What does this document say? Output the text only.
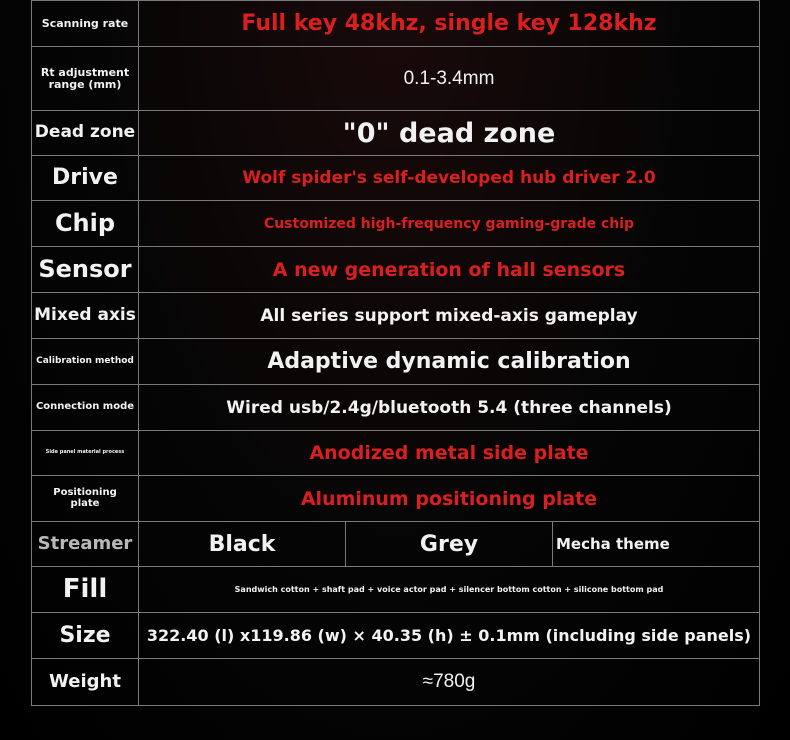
Scanning rate	Full key 48khz, single key 128khz		
Rt adjustment range (mm)	0.1-3.4mm		
Dead zone	"0" dead zone		
Drive	Wolf spider's self-developed hub driver 2.0		
Chip	Customized high-frequency gaming-grade chip		
Sensor	A new generation of hall sensors		
Mixed axis	All series support mixed-axis gameplay		
Calibration method	Adaptive dynamic calibration		
Connection mode	Wired usb/2.4g/bluetooth 5.4 (three channels)		
Side panel material process	Anodized metal side plate		
Positioning plate	Aluminum positioning plate		
Streamer	Black	Grey	Mecha theme
Fill	Sandwich cotton + shaft pad + voice actor pad + silencer bottom cotton + silicone bottom pad		
Size	322.40 (l) x119.86 (w) × 40.35 (h) ± 0.1mm (including side panels)		
Weight	≈780g		
